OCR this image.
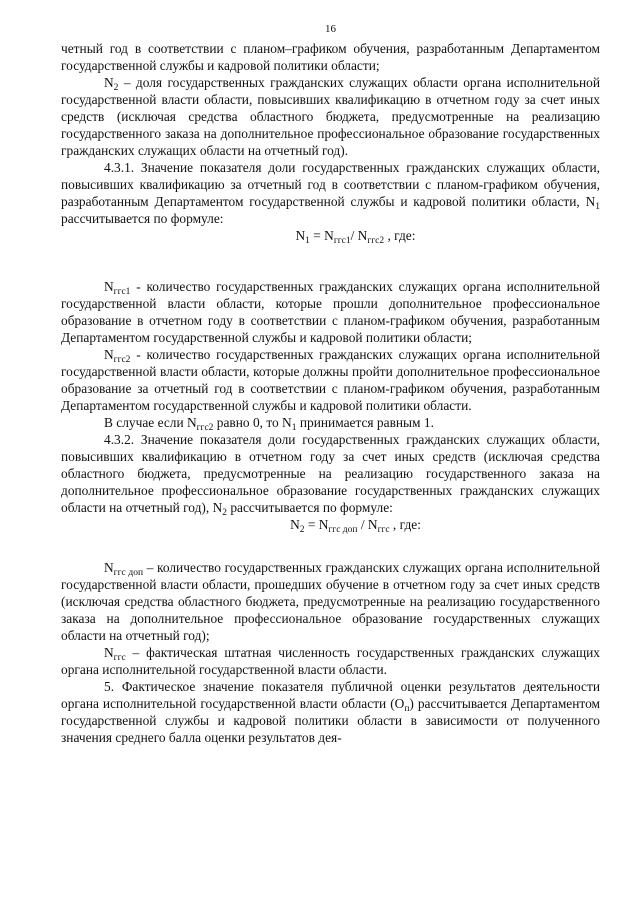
16

четный год в соответствии с планом–графиком обучения, разработанным Департаментом государственной службы и кадровой политики области;

$N_2$ – доля государственных гражданских служащих области органа исполнительной государственной власти области, повысивших квалификацию в отчетном году за счет иных средств (исключая средства областного бюджета, предусмотренные на реализацию государственного заказа на дополнительное профессиональное образование государственных гражданских служащих области на отчетный год).

4.3.1. Значение показателя доли государственных гражданских служащих области, повысивших квалификацию за отчетный год в соответствии с планом-графиком обучения, разработанным Департаментом государственной службы и кадровой политики области, $N_1$ рассчитывается по формуле:

$N_1 = N_{ггс1}/$ $N_{ггс2}$ , где:

$N_{ггс1}$ - количество государственных гражданских служащих органа исполнительной государственной власти области, которые прошли дополнительное профессиональное образование в отчетном году в соответствии с планом-графиком обучения, разработанным Департаментом государственной службы и кадровой политики области;

$N_{ггс2}$ - количество государственных гражданских служащих органа исполнительной государственной власти области, которые должны пройти дополнительное профессиональное образование за отчетный год в соответствии с планом-графиком обучения, разработанным Департаментом государственной службы и кадровой политики области.

В случае если $N_{ггс2}$ равно 0, то $N_1$ принимается равным 1.

4.3.2. Значение показателя доли государственных гражданских служащих области, повысивших квалификацию в отчетном году за счет иных средств (исключая средства областного бюджета, предусмотренные на реализацию государственного заказа на дополнительное профессиональное образование государственных гражданских служащих области на отчетный год), $N_2$ рассчитывается по формуле:

$N_2 = N_{ггс доп} / N_{ггс}$ , где:

$N_{ггс доп}$ – количество государственных гражданских служащих органа исполнительной государственной власти области, прошедших обучение в отчетном году за счет иных средств (исключая средства областного бюджета, предусмотренные на реализацию государственного заказа на дополнительное профессиональное образование государственных служащих области на отчетный год);

$N_{ггс}$ – фактическая штатная численность государственных гражданских служащих органа исполнительной государственной власти области.

5. Фактическое значение показателя публичной оценки результатов деятельности органа исполнительной государственной власти области $(О_п)$ рассчитывается Департаментом государственной службы и кадровой политики области в зависимости от полученного значения среднего балла оценки результатов дея-
